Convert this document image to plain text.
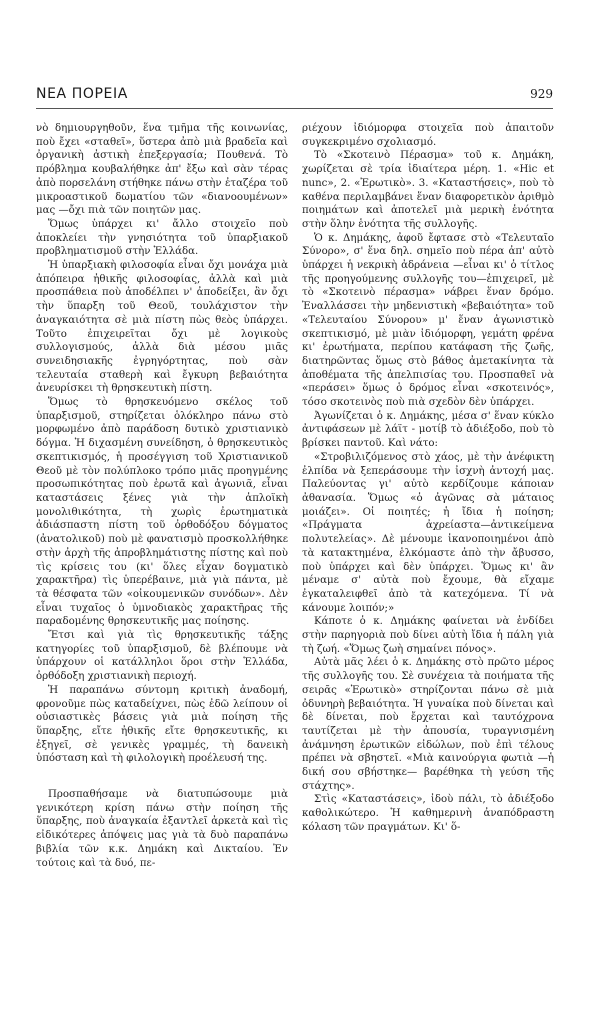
ΝΕΑ ΠΟΡΕΙΑ	929

νὸ δημιουργηθοῦν, ἕνα τμῆμα τῆς κοινωνίας, ποὺ ἔχει «σταθεῖ», ὕστερα ἀπὸ μιὰ βραδεῖα καὶ ὀργανικὴ ἀστικὴ ἐπεξεργασία; Πουθενά. Τὸ πρόβλημα κουβαλήθηκε ἀπ' ἔξω καὶ σὰν τέρας ἀπὸ πορσελάνη στήθηκε πάνω στὴν ἐταζέρα τοῦ μικροαστικοῦ δωματίου τῶν «διανοουμένων» μας —ὄχι πιὰ τῶν ποιητῶν μας.

Ὅμως ὑπάρχει κι' ἄλλο στοιχεῖο ποὺ ἀποκλείει τὴν γνησιότητα τοῦ ὑπαρξιακοῦ προβληματισμοῦ στὴν Ἑλλάδα.

Ἡ ὑπαρξιακὴ φιλοσοφία εἶναι ὄχι μονάχα μιὰ ἀπόπειρα ἠθικῆς φιλοσοφίας, ἀλλὰ καὶ μιὰ προσπάθεια ποὺ ἀποδέλπει ν' ἀποδείξει, ἂν ὄχι τὴν ὕπαρξη τοῦ Θεοῦ, τουλάχιστον τὴν ἀναγκαιότητα σὲ μιὰ πίστη πὼς θεὸς ὑπάρχει. Τοῦτο ἐπιχειρεῖται ὄχι μὲ λογικοὺς συλλογισμούς, ἀλλὰ διὰ μέσου μιᾶς συνειδησιακῆς ἐγρηγόρτητας, ποὺ σὰν τελευταία σταθερὴ καὶ ἔγκυρη βεβαιότητα ἀνευρίσκει τὴ θρησκευτικὴ πίστη.

Ὅμως τὸ θρησκευόμενο σκέλος τοῦ ὑπαρξισμοῦ, στηρίζεται ὁλόκληρο πάνω στὸ μορφωμένο ἀπὸ παράδοση δυτικὸ χριστιανικὸ δόγμα. Ἡ διχασμένη συνείδηση, ὁ θρησκευτικὸς σκεπτικισμός, ἡ προσέγγιση τοῦ Χριστιανικοῦ Θεοῦ μὲ τὸν πολύπλοκο τρόπο μιᾶς προηγμένης προσωπικότητας ποὺ ἐρωτᾶ καὶ ἀγωνιᾶ, εἶναι καταστάσεις ξένες γιὰ τὴν ἁπλοϊκὴ μονολιθικότητα, τὴ χωρὶς ἐρωτηματικὰ ἀδιάσπαστη πίστη τοῦ ὀρθοδόξου δόγματος (ἀνατολικοῦ) ποὺ μὲ φανατισμὸ προσκολλήθηκε στὴν ἀρχὴ τῆς ἀπροβλημάτιστης πίστης καὶ ποὺ τὶς κρίσεις του (κι' ὅλες εἶχαν δογματικὸ χαρακτῆρα) τὶς ὑπερέβαινε, μιὰ γιὰ πάντα, μὲ τὰ θέσφατα τῶν «οἰκουμενικῶν συνόδων». Δὲν εἶναι τυχαῖος ὁ ὑμνοδιακὸς χαρακτῆρας τῆς παραδομένης θρησκευτικῆς μας ποίησης.

Ἔτσι καὶ γιὰ τὶς θρησκευτικῆς τάξης κατηγορίες τοῦ ὑπαρξισμοῦ, δὲ βλέπουμε νὰ ὑπάρχουν οἱ κατάλληλοι ὅροι στὴν Ἑλλάδα, ὀρθόδοξη χριστιανικὴ περιοχή.

Ἡ παραπάνω σύντομη κριτικὴ ἀναδομή, φρονοῦμε πὼς καταδείχνει, πὼς ἐδῶ λείπουν οἱ οὐσιαστικὲς βάσεις γιὰ μιὰ ποίηση τῆς ὕπαρξης, εἴτε ἠθικῆς εἴτε θρησκευτικῆς, κι ἐξηγεῖ, σὲ γενικὲς γραμμές, τὴ δανεικὴ ὑπόσταση καὶ τὴ φιλολογικὴ προέλευσή της.

Προσπαθήσαμε νὰ διατυπώσουμε μιὰ γενικότερη κρίση πάνω στὴν ποίηση τῆς ὕπαρξης, ποὺ ἀναγκαία ἐξαντλεῖ ἀρκετὰ καὶ τὶς εἰδικότερες ἀπόψεις μας γιὰ τὰ δυὸ παραπάνω βιβλία τῶν κ.κ. Δημάκη καὶ Δικταίου. Ἐν τούτοις καὶ τὰ δυό, πε-

ριέχουν ἰδιόμορφα στοιχεῖα ποὺ ἀπαιτοῦν συγκεκριμένο σχολιασμό.

Τὸ «Σκοτεινὸ Πέρασμα» τοῦ κ. Δημάκη, χωρίζεται σὲ τρία ἰδιαίτερα μέρη. 1. «Hic et nunc», 2. «Ἐρωτικὸ». 3. «Καταστήσεις», ποὺ τὸ καθένα περιλαμβάνει ἕναν διαφορετικὸν ἀριθμὸ ποιημάτων καὶ ἀποτελεῖ μιὰ μερικὴ ἑνότητα στὴν ὅλην ἑνότητα τῆς συλλογῆς.

Ὁ κ. Δημάκης, ἀφοῦ ἔφτασε στὸ «Τελευταῖο Σύνορο», σ' ἕνα δηλ. σημεῖο ποὺ πέρα ἀπ' αὐτὸ ὑπάρχει ἡ νεκρικὴ ἀδράνεια —εἶναι κι' ὁ τίτλος τῆς προηγούμενης συλλογῆς του—ἐπιχειρεῖ, μὲ τὸ «Σκοτεινὸ πέρασμα» νάβρει ἕναν δρόμο. Ἐναλλάσσει τὴν μηδενιστικὴ «βεβαιότητα» τοῦ «Τελευταίου Σύνορου» μ' ἕναν ἀγωνιστικὸ σκεπτικισμό, μὲ μιὰν ἰδιόμορφη, γεμάτη φρένα κι' ἐρωτήματα, περίπου κατάφαση τῆς ζωῆς, διατηρῶντας ὅμως στὸ βάθος ἀμετακίνητα τὰ ἀποθέματα τῆς ἀπελπισίας του. Προσπαθεῖ νὰ «περάσει» ὅμως ὁ δρόμος εἶναι «σκοτεινός», τόσο σκοτεινὸς ποὺ πιὰ σχεδὸν δὲν ὑπάρχει.

Ἀγωνίζεται ὁ κ. Δημάκης, μέσα σ' ἕναν κύκλο ἀντιφάσεων μὲ λάϊτ - μοτίβ τὸ ἀδιέξοδο, ποὺ τὸ βρίσκει παντοῦ. Καὶ νάτο:

«Στροβιλιζόμενος στὸ χάος, μὲ τὴν ἀνέφικτη ἐλπίδα νὰ ξεπεράσουμε τὴν ἰσχνὴ ἀντοχή μας. Παλεύοντας γι' αὐτὸ κερδίζουμε κάποιαν ἀθανασία. Ὅμως «ὁ ἀγῶνας σὰ μάταιος μοιάζει». Οἱ ποιητές; ἡ ἴδια ἡ ποίηση; «Πράγματα ἀχρείαστα—ἀντικείμενα πολυτελείας». Δὲ μένουμε ἱκανοποιημένοι ἀπὸ τὰ κατακτημένα, ἑλκόμαστε ἀπὸ τὴν ἄβυσσο, ποὺ ὑπάρχει καὶ δὲν ὑπάρχει. Ὅμως κι' ἂν μέναμε σ' αὐτὰ ποὺ ἔχουμε, θὰ εἴχαμε ἐγκαταλειφθεῖ ἀπὸ τὰ κατεχόμενα. Τί νὰ κάνουμε λοιπόν;»

Κάποτε ὁ κ. Δημάκης φαίνεται νὰ ἐνδίδει στὴν παρηγοριὰ ποὺ δίνει αὐτὴ ἴδια ἡ πάλη γιὰ τὴ ζωή. «Ὅμως ζωὴ σημαίνει πόνος».

Αὐτὰ μᾶς λέει ὁ κ. Δημάκης στὸ πρῶτο μέρος τῆς συλλογῆς του. Σὲ συνέχεια τὰ ποιήματα τῆς σειρᾶς «Ἐρωτικὸ» στηρίζονται πάνω σὲ μιὰ ὀδυνηρὴ βεβαιότητα. Ἡ γυναίκα ποὺ δίνεται καὶ δὲ δίνεται, ποὺ ἔρχεται καὶ ταυτόχρονα ταυτίζεται μὲ τὴν ἀπουσία, τυραγνισμένη ἀνάμνηση ἐρωτικῶν εἰδώλων, ποὺ ἐπὶ τέλους πρέπει νὰ σβηστεῖ. «Μιὰ καινούργια φωτιὰ —ἡ δική σου σβήστηκε— βαρέθηκα τὴ γεύση τῆς στάχτης».

Στὶς «Καταστάσεις», ἰδοὺ πάλι, τὸ ἀδιέξοδο καθολικώτερο. Ἡ καθημερινὴ ἀναπόδραστη κόλαση τῶν πραγμάτων. Κι' ὅ-
